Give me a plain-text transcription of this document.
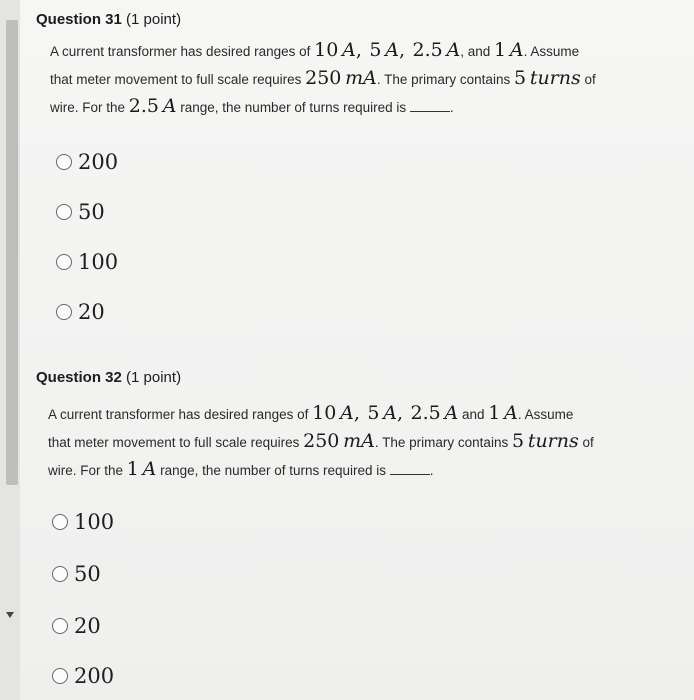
Question 31 (1 point)
A current transformer has desired ranges of 10 A, 5 A, 2.5 A, and 1 A. Assume
that meter movement to full scale requires 250 mA. The primary contains 5 turns of
wire. For the 2.5 A range, the number of turns required is	.
200
50
100
20
Question 32 (1 point)
A current transformer has desired ranges of 10 A, 5 A, 2.5 A and 1 A. Assume
that meter movement to full scale requires 250 mA. The primary contains 5 turns of
wire. For the 1 A range, the number of turns required is	.
100
50
20
200
